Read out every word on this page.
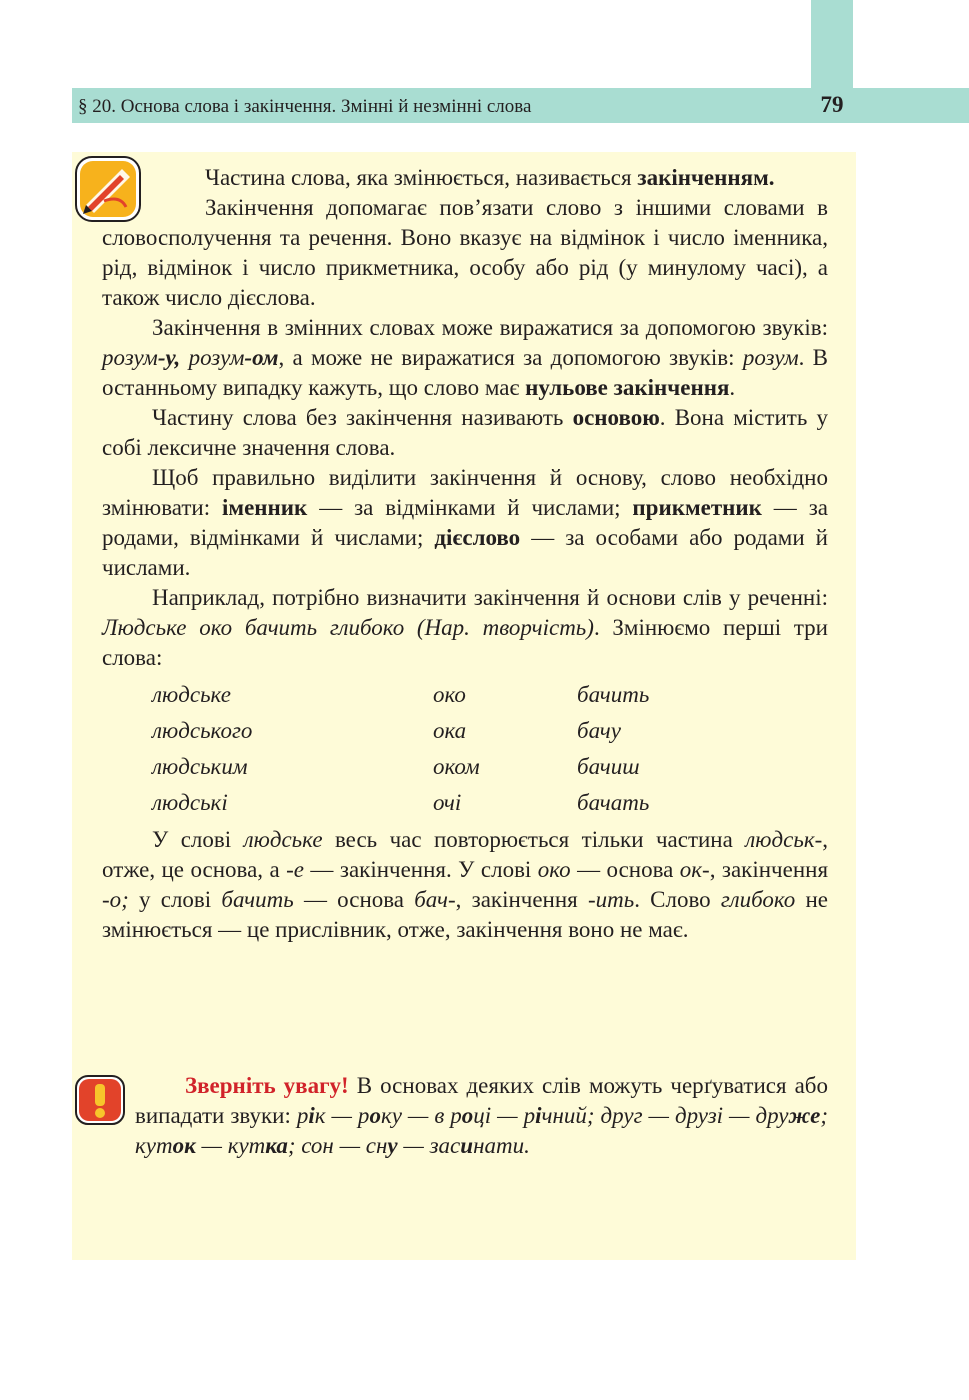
§ 20. Основа слова і закінчення. Змінні й незмінні слова	79

Частина слова, яка змінюється, називається закінченням.

Закінчення допомагає пов’язати слово з іншими словами в словосполучення та речення. Воно вказує на відмінок і число іменника, рід, відмінок і число прикметника, особу або рід (у минулому часі), а також число дієслова.

Закінчення в змінних словах може виражатися за допомогою звуків: розум-у, розум-ом, а може не виражатися за допомогою звуків: розум. В останньому випадку кажуть, що слово має нульове закінчення.

Частину слова без закінчення називають основою. Вона містить у собі лексичне значення слова.

Щоб правильно виділити закінчення й основу, слово необхідно змінювати: іменник — за відмінками й числами; прикметник — за родами, відмінками й числами; дієслово — за особами або родами й числами.

Наприклад, потрібно визначити закінчення й основи слів у реченні: Людське око бачить глибоко (Нар. творчість). Змінюємо перші три слова:

людське	око	бачить
людського	ока	бачу
людським	оком	бачиш
людські	очі	бачать

У слові людське весь час повторюється тільки частина людськ-, отже, це основа, а -е — закінчення. У слові око — основа ок-, закінчення -о; у слові бачить — основа бач-, закінчення -ить. Слово глибоко не змінюється — це прислівник, отже, закінчення воно не має.

Зверніть увагу! В основах деяких слів можуть черґуватися або випадати звуки: рік — року — в році — річний; друг — друзі — друже; куток — кутка; сон — сну — засинати.
